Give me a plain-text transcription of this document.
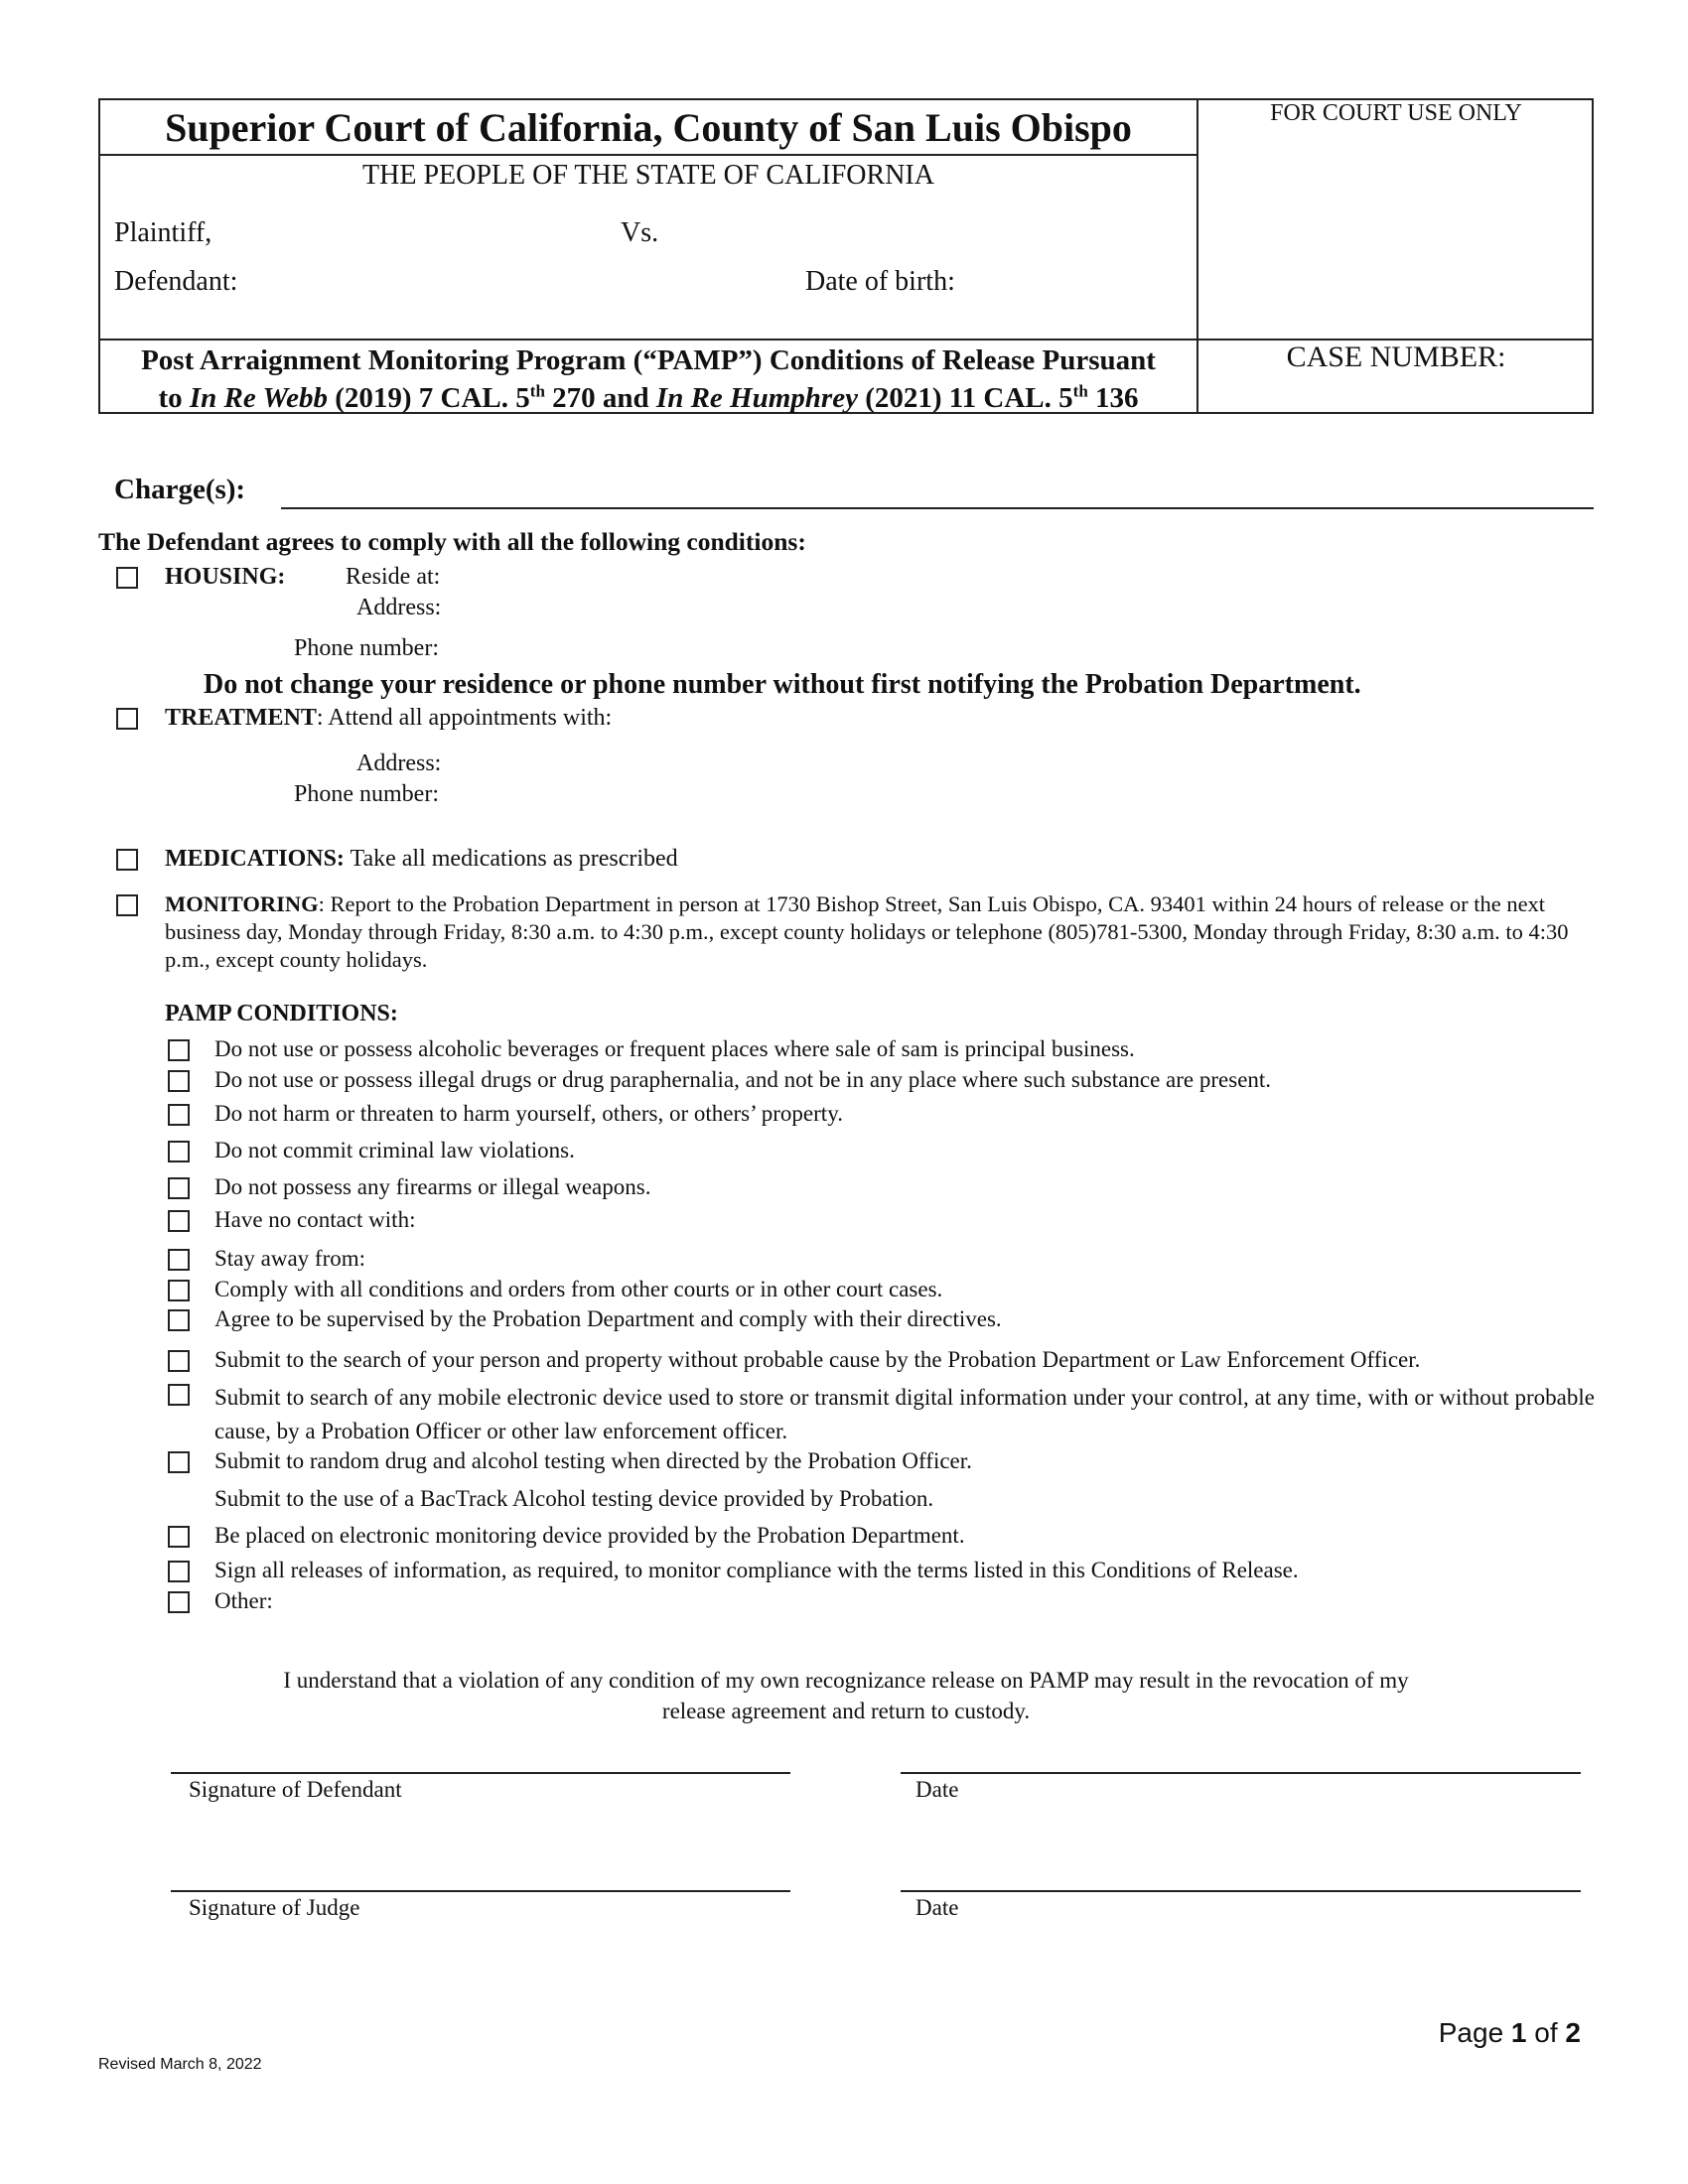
Superior Court of California, County of San Luis Obispo
THE PEOPLE OF THE STATE OF CALIFORNIA
Plaintiff,	Vs.
Defendant:	Date of birth:
Post Arraignment Monitoring Program (“PAMP”) Conditions of Release Pursuant
to In Re Webb (2019) 7 CAL. 5th 270 and In Re Humphrey (2021) 11 CAL. 5th 136
FOR COURT USE ONLY
CASE NUMBER:
Charge(s):
The Defendant agrees to comply with all the following conditions:
HOUSING:	Reside at:
Address:
Phone number:
Do not change your residence or phone number without first notifying the Probation Department.
TREATMENT: Attend all appointments with:
Address:
Phone number:
MEDICATIONS: Take all medications as prescribed
MONITORING: Report to the Probation Department in person at 1730 Bishop Street, San Luis Obispo, CA. 93401 within 24 hours of release or the next business day, Monday through Friday, 8:30 a.m. to 4:30 p.m., except county holidays or telephone (805)781-5300, Monday through Friday, 8:30 a.m. to 4:30 p.m., except county holidays.
PAMP CONDITIONS:
Do not use or possess alcoholic beverages or frequent places where sale of sam is principal business.
Do not use or possess illegal drugs or drug paraphernalia, and not be in any place where such substance are present.
Do not harm or threaten to harm yourself, others, or others’ property.
Do not commit criminal law violations.
Do not possess any firearms or illegal weapons.
Have no contact with:
Stay away from:
Comply with all conditions and orders from other courts or in other court cases.
Agree to be supervised by the Probation Department and comply with their directives.
Submit to the search of your person and property without probable cause by the Probation Department or Law Enforcement Officer.
Submit to search of any mobile electronic device used to store or transmit digital information under your control, at any time, with or without probable cause, by a Probation Officer or other law enforcement officer.
Submit to random drug and alcohol testing when directed by the Probation Officer.
Submit to the use of a BacTrack Alcohol testing device provided by Probation.
Be placed on electronic monitoring device provided by the Probation Department.
Sign all releases of information, as required, to monitor compliance with the terms listed in this Conditions of Release.
Other:
I understand that a violation of any condition of my own recognizance release on PAMP may result in the revocation of my
release agreement and return to custody.
Signature of Defendant	Date
Signature of Judge	Date
Page 1 of 2
Revised March 8, 2022
